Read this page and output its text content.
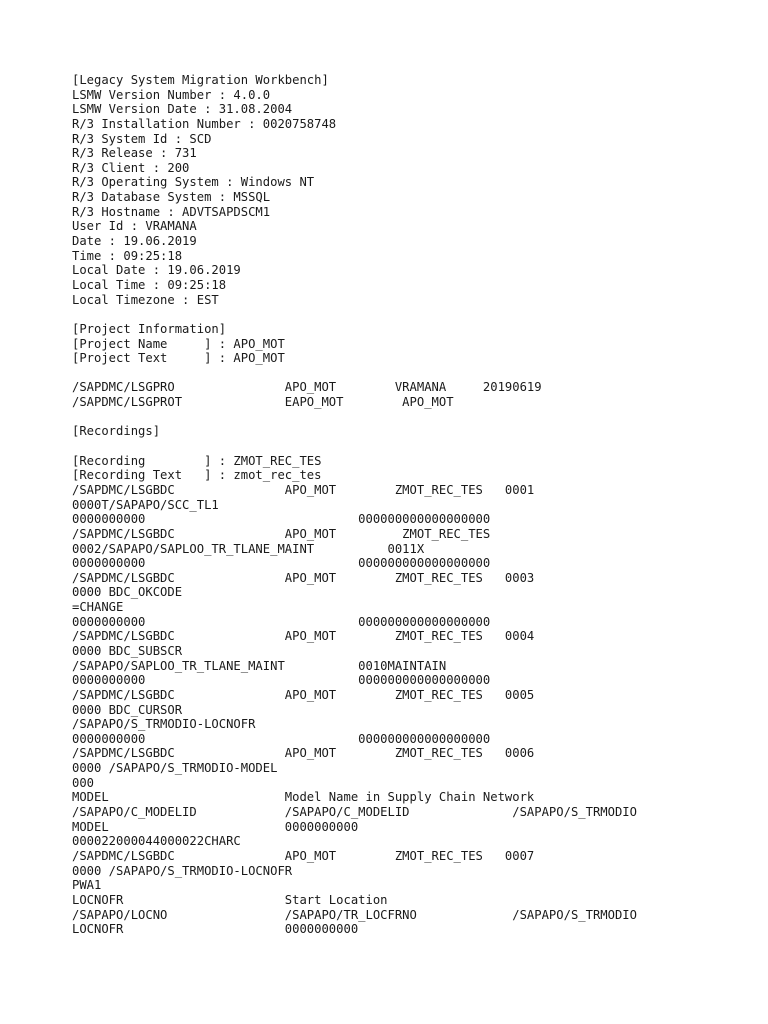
[Legacy System Migration Workbench]
LSMW Version Number : 4.0.0
LSMW Version Date : 31.08.2004
R/3 Installation Number : 0020758748
R/3 System Id : SCD
R/3 Release : 731
R/3 Client : 200
R/3 Operating System : Windows NT
R/3 Database System : MSSQL
R/3 Hostname : ADVTSAPDSCM1
User Id : VRAMANA
Date : 19.06.2019
Time : 09:25:18
Local Date : 19.06.2019
Local Time : 09:25:18
Local Timezone : EST
[Project Information]
[Project Name     ] : APO_MOT
[Project Text     ] : APO_MOT
/SAPDMC/LSGPRO               APO_MOT        VRAMANA     20190619
/SAPDMC/LSGPROT              EAPO_MOT        APO_MOT
[Recordings]
[Recording        ] : ZMOT_REC_TES
[Recording Text   ] : zmot_rec_tes
/SAPDMC/LSGBDC               APO_MOT        ZMOT_REC_TES   0001
0000T/SAPAPO/SCC_TL1
0000000000                             000000000000000000
/SAPDMC/LSGBDC               APO_MOT         ZMOT_REC_TES
0002/SAPAPO/SAPLOO_TR_TLANE_MAINT          0011X
0000000000                             000000000000000000
/SAPDMC/LSGBDC               APO_MOT        ZMOT_REC_TES   0003
0000 BDC_OKCODE
=CHANGE
0000000000                             000000000000000000
/SAPDMC/LSGBDC               APO_MOT        ZMOT_REC_TES   0004
0000 BDC_SUBSCR
/SAPAPO/SAPLOO_TR_TLANE_MAINT          0010MAINTAIN
0000000000                             000000000000000000
/SAPDMC/LSGBDC               APO_MOT        ZMOT_REC_TES   0005
0000 BDC_CURSOR
/SAPAPO/S_TRMODIO-LOCNOFR
0000000000                             000000000000000000
/SAPDMC/LSGBDC               APO_MOT        ZMOT_REC_TES   0006
0000 /SAPAPO/S_TRMODIO-MODEL
000
MODEL                        Model Name in Supply Chain Network
/SAPAPO/C_MODELID            /SAPAPO/C_MODELID              /SAPAPO/S_TRMODIO
MODEL                        0000000000
000022000044000022CHARC
/SAPDMC/LSGBDC               APO_MOT        ZMOT_REC_TES   0007
0000 /SAPAPO/S_TRMODIO-LOCNOFR
PWA1
LOCNOFR                      Start Location
/SAPAPO/LOCNO                /SAPAPO/TR_LOCFRNO             /SAPAPO/S_TRMODIO
LOCNOFR                      0000000000
